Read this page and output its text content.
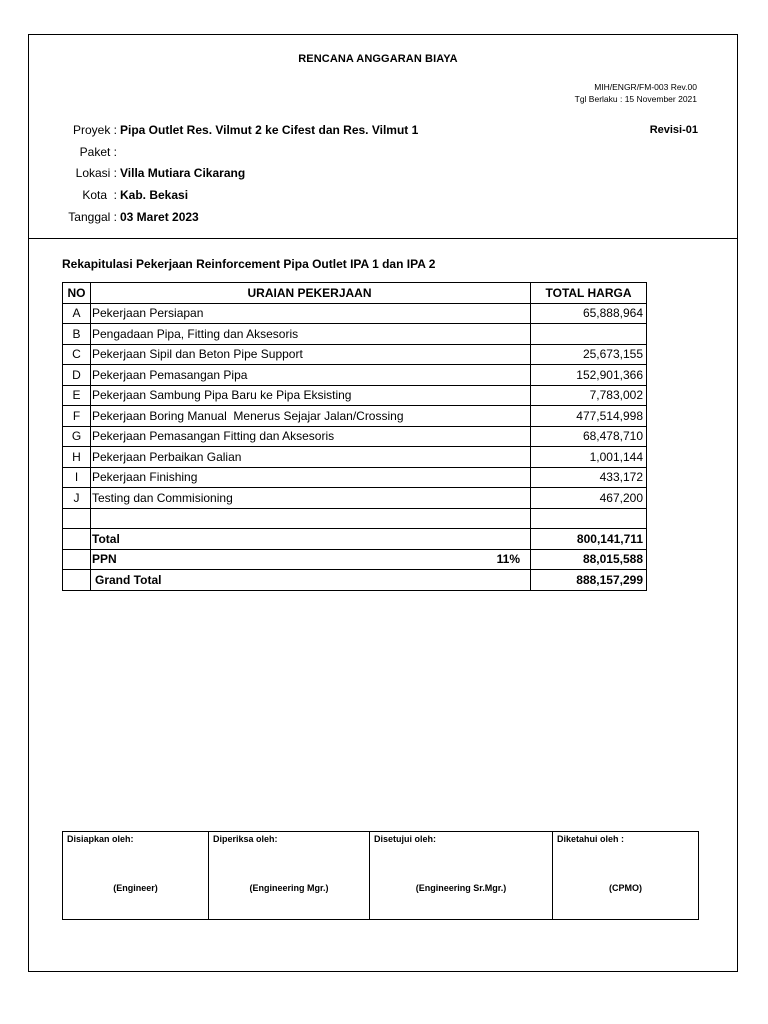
RENCANA ANGGARAN BIAYA
MIH/ENGR/FM-003 Rev.00
Tgl Berlaku : 15 November 2021
Proyek : Pipa Outlet Res. Vilmut 2 ke Cifest dan Res. Vilmut 1	Revisi-01
Paket :
Lokasi : Villa Mutiara Cikarang
Kota  : Kab. Bekasi
Tanggal : 03 Maret 2023
Rekapitulasi Pekerjaan Reinforcement Pipa Outlet IPA 1 dan IPA 2
NO	URAIAN PEKERJAAN	TOTAL HARGA
A	Pekerjaan Persiapan	65,888,964
B	Pengadaan Pipa, Fitting dan Aksesoris	
C	Pekerjaan Sipil dan Beton Pipe Support	25,673,155
D	Pekerjaan Pemasangan Pipa	152,901,366
E	Pekerjaan Sambung Pipa Baru ke Pipa Eksisting	7,783,002
F	Pekerjaan Boring Manual  Menerus Sejajar Jalan/Crossing	477,514,998
G	Pekerjaan Pemasangan Fitting dan Aksesoris	68,478,710
H	Pekerjaan Perbaikan Galian	1,001,144
I	Pekerjaan Finishing	433,172
J	Testing dan Commisioning	467,200

	Total	800,141,711

	PPN 11%	88,015,588
	Grand Total	888,157,299
Disiapkan oleh:
(Engineer)

Diperiksa oleh:
(Engineering Mgr.)

Disetujui oleh:
(Engineering Sr.Mgr.)

Diketahui oleh :
(CPMO)
